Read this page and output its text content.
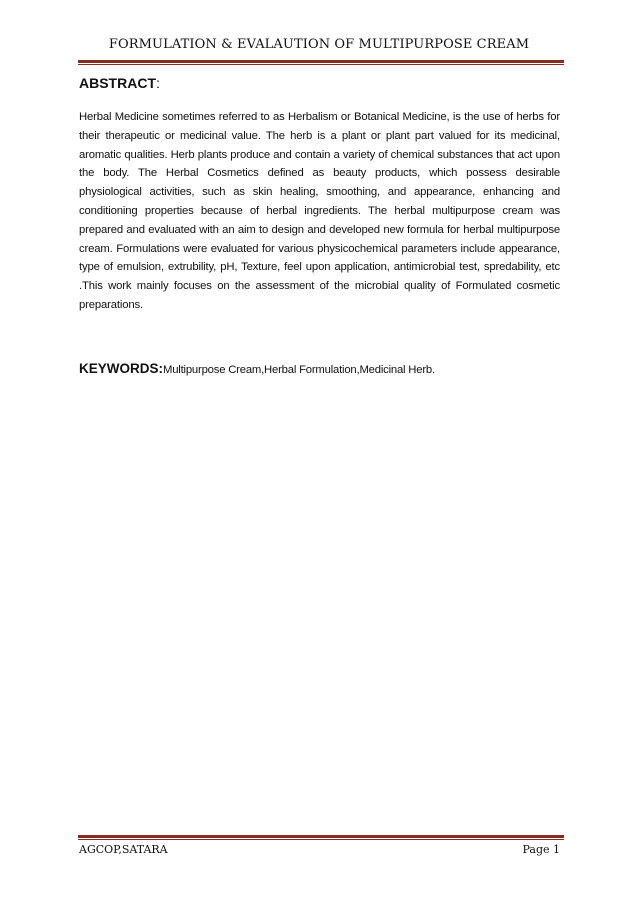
FORMULATION & EVALAUTION OF MULTIPURPOSE CREAM
ABSTRACT:
Herbal Medicine sometimes referred to as Herbalism or Botanical Medicine, is the use of herbs for their therapeutic or medicinal value. The herb is a plant or plant part valued for its medicinal, aromatic qualities. Herb plants produce and contain a variety of chemical substances that act upon the body. The Herbal Cosmetics defined as beauty products, which possess desirable physiological activities, such as skin healing, smoothing, and appearance, enhancing and conditioning properties because of herbal ingredients. The herbal multipurpose cream was prepared and evaluated with an aim to design and developed new formula for herbal multipurpose cream. Formulations were evaluated for various physicochemical parameters include appearance, type of emulsion, extrubility, pH, Texture, feel upon application, antimicrobial test, spredability, etc .This work mainly focuses on the assessment of the microbial quality of Formulated cosmetic preparations.
KEYWORDS:Multipurpose Cream,Herbal Formulation,Medicinal Herb.
AGCOP,SATARA	Page 1
